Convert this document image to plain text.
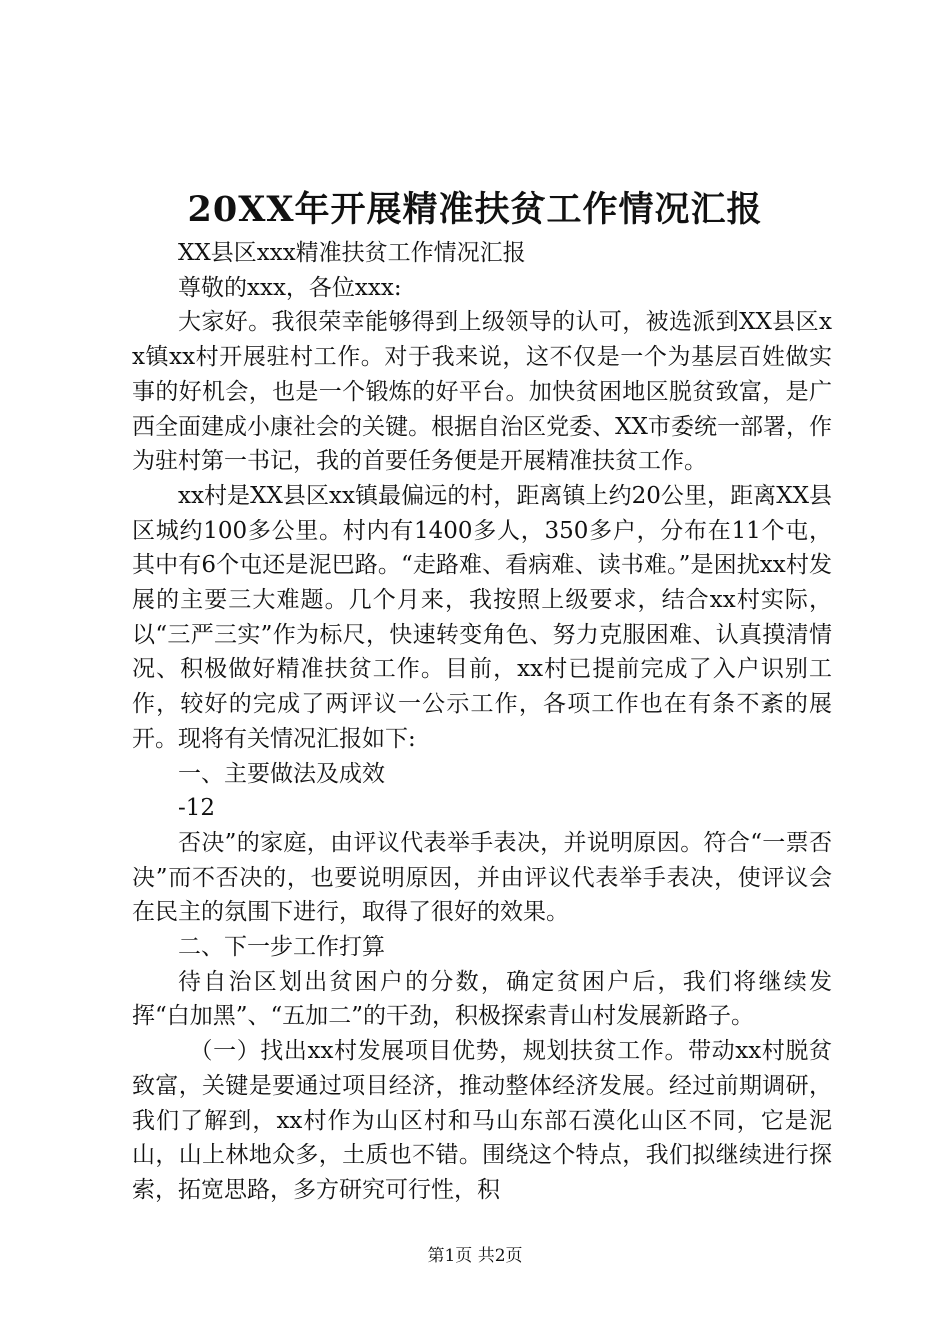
20XX年开展精准扶贫工作情况汇报

XX县区xxx精准扶贫工作情况汇报

尊敬的xxx，各位xxx:

大家好。我很荣幸能够得到上级领导的认可，被选派到XX县区xx镇xx村开展驻村工作。对于我来说，这不仅是一个为基层百姓做实事的好机会，也是一个锻炼的好平台。加快贫困地区脱贫致富，是广西全面建成小康社会的关键。根据自治区党委、XX市委统一部署，作为驻村第一书记，我的首要任务便是开展精准扶贫工作。

xx村是XX县区xx镇最偏远的村，距离镇上约20公里，距离XX县区城约100多公里。村内有1400多人，350多户，分布在11个屯，其中有6个屯还是泥巴路。“走路难、看病难、读书难。”是困扰xx村发展的主要三大难题。几个月来，我按照上级要求，结合xx村实际，以“三严三实”作为标尺，快速转变角色、努力克服困难、认真摸清情况、积极做好精准扶贫工作。目前，xx村已提前完成了入户识别工作，较好的完成了两评议一公示工作，各项工作也在有条不紊的展开。现将有关情况汇报如下:

一、主要做法及成效

-12

否决”的家庭，由评议代表举手表决，并说明原因。符合“一票否决”而不否决的，也要说明原因，并由评议代表举手表决，使评议会在民主的氛围下进行，取得了很好的效果。

二、下一步工作打算

待自治区划出贫困户的分数，确定贫困户后，我们将继续发挥“白加黑”、“五加二”的干劲，积极探索青山村发展新路子。

（一）找出xx村发展项目优势，规划扶贫工作。带动xx村脱贫致富，关键是要通过项目经济，推动整体经济发展。经过前期调研，我们了解到，xx村作为山区村和马山东部石漠化山区不同，它是泥山，山上林地众多，土质也不错。围绕这个特点，我们拟继续进行探索，拓宽思路，多方研究可行性，积

第1页 共2页
